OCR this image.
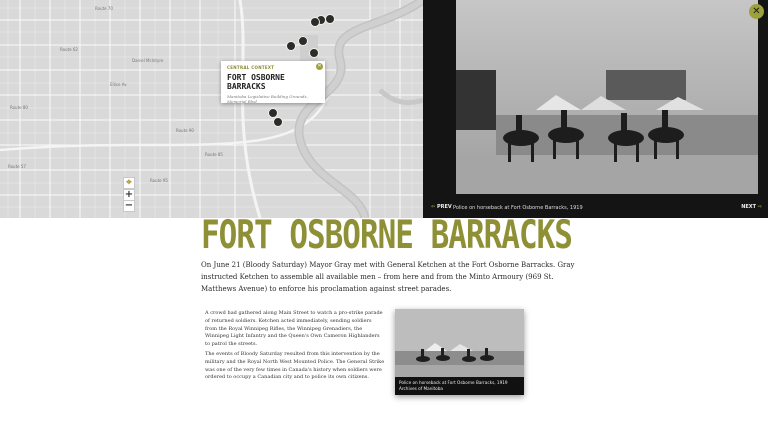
Daniel McIntyre
Route 62
Route 80
Route 95
Route 57
Route 90
Route 85
Route 70
Ellice Av
CENTRAL CONTEXT
FORT OSBORNE BARRACKS
Manitoba Legislative Building Grounds, Memorial Blvd
✕
⌖
+
−	⇦ PREV Police on horseback at Fort Osborne Barracks, 1919	NEXT ⇨
✕
FORT OSBORNE BARRACKS

On June 21 (Bloody Saturday) Mayor Gray met with General Ketchen at the Fort Osborne Barracks. Gray instructed Ketchen to assemble all available men – from here and from the Minto Armoury (969 St. Matthews Avenue) to enforce his proclamation against street parades.

A crowd had gathered along Main Street to watch a pro-strike parade of returned soldiers. Ketchen acted immediately, sending soldiers from the Royal Winnipeg Rifles, the Winnipeg Grenadiers, the Winnipeg Light Infantry and the Queen's Own Cameron Highlanders to patrol the streets.

The events of Bloody Saturday resulted from this intervention by the military and the Royal North West Mounted Police. The General Strike was one of the very few times in Canada's history when soldiers were ordered to occupy a Canadian city and to police its own citizens.

Police on horseback at Fort Osborne Barracks, 1919
Archives of Manitoba
